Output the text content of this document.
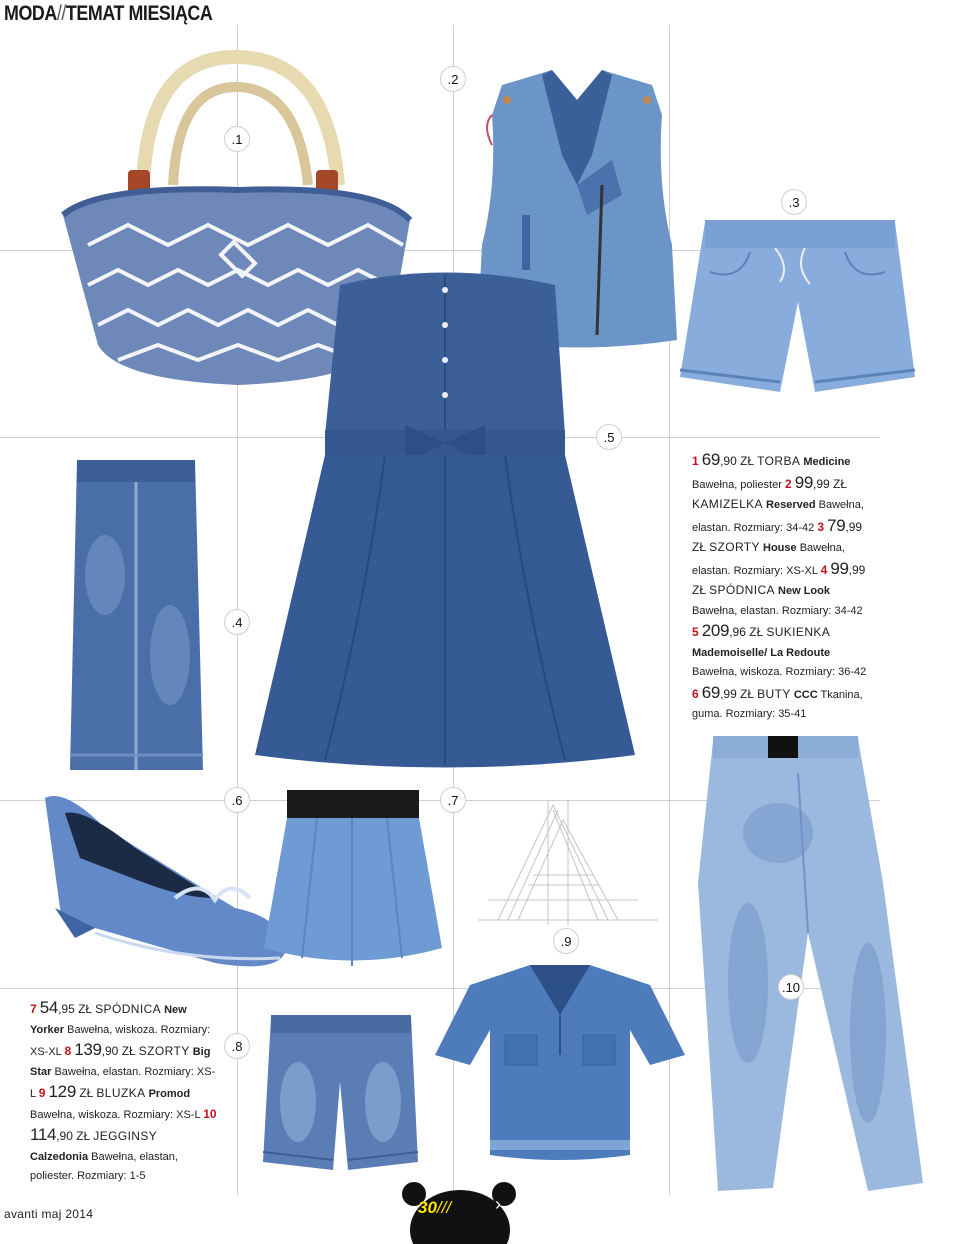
MODA//TEMAT MIESIĄCA
.1
.2
.3
.4
.5
.6	.7
.8
.9
.10
1 69,90 ZŁ TORBA Medicine Bawełna, poliester 2 99,99 ZŁ KAMIZELKA Reserved Bawełna, elastan. Rozmiary: 34-42 3 79,99 ZŁ SZORTY House Bawełna, elastan. Rozmiary: XS-XL 4 99,99 ZŁ SPÓDNICA New Look Bawełna, elastan. Rozmiary: 34-42 5 209,96 ZŁ SUKIENKA Mademoiselle/ La Redoute Bawełna, wiskoza. Rozmiary: 36-42 6 69,99 ZŁ BUTY CCC Tkanina, guma. Rozmiary: 35-41
7 54,95 ZŁ SPÓDNICA New Yorker Bawełna, wiskoza. Rozmiary: XS-XL 8 139,90 ZŁ SZORTY Big Star Bawełna, elastan. Rozmiary: XS-L 9 129 ZŁ BLUZKA Promod Bawełna, wiskoza. Rozmiary: XS-L 10 114,90 ZŁ JEGGINSY Calzedonia Bawełna, elastan, poliester. Rozmiary: 1-5
avanti maj 2014	30///	›
